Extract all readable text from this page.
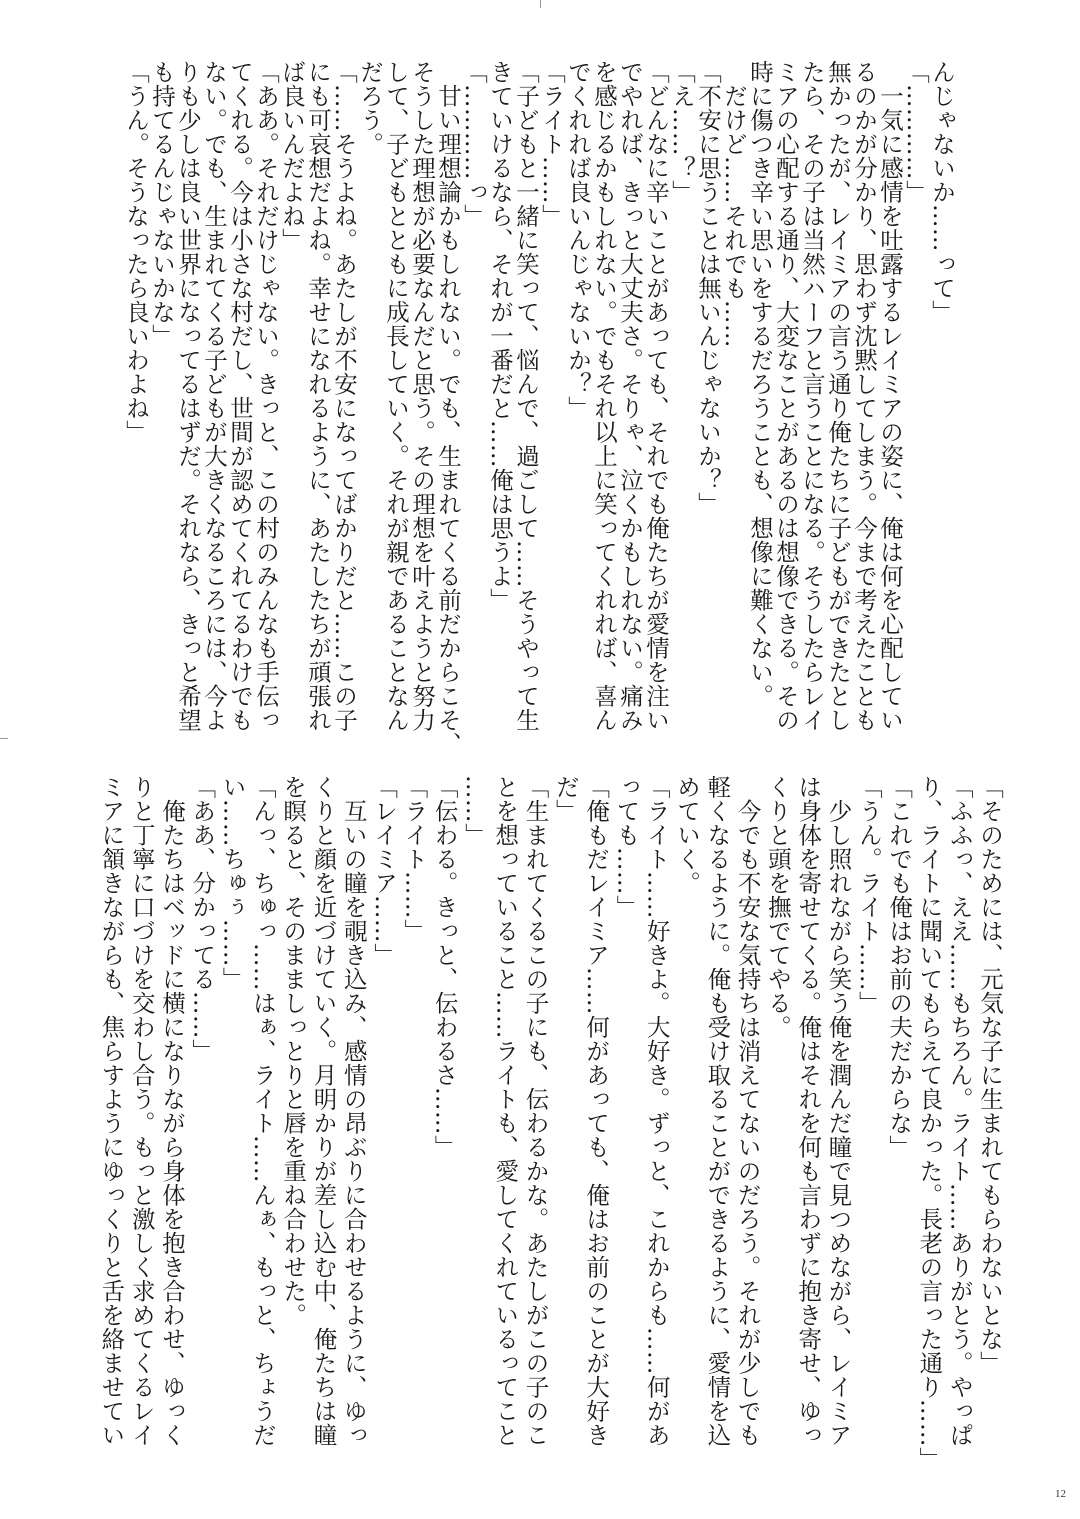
んじゃないか……って」
「…………」
　一気に感情を吐露するレイミアの姿に、俺は何を心配してい
るのかが分かり、思わず沈黙してしまう。今まで考えたことも
無かったが、レイミアの言う通り俺たちに子どもができたとし
たら、その子は当然ハーフと言うことになる。そうしたらレイ
ミアの心配する通り、大変なことがあるのは想像できる。その
時に傷つき辛い思いをするだろうことも、想像に難くない。
　だけど……それでも……
「不安に思うことは無いんじゃないか？」
「え……？」
「どんなに辛いことがあっても、それでも俺たちが愛情を注い
でやれば、きっと大丈夫さ。そりゃ、泣くかもしれない。痛み
を感じるかもしれない。でもそれ以上に笑ってくれれば、喜ん
でくれれば良いんじゃないか？」
「ライト……」
「子どもと一緒に笑って、悩んで、過ごして……そうやって生
きていけるなら、それが一番だと……俺は思うよ」
「…………っ」
　甘い理想論かもしれない。でも、生まれてくる前だからこそ、
そうした理想が必要なんだと思う。その理想を叶えようと努力
して、子どもとともに成長していく。それが親であることなん
だろう。
「……そうよね。あたしが不安になってばかりだと……この子
にも可哀想だよね。幸せになれるように、あたしたちが頑張れ
ば良いんだよね」
「ああ。それだけじゃない。きっと、この村のみんなも手伝っ
てくれる。今は小さな村だし、世間が認めてくれてるわけでも
ない。でも、生まれてくる子どもが大きくなるころには、今よ
りも少しは良い世界になってるはずだ。それなら、きっと希望
も持てるんじゃないかな」
「うん。そうなったら良いわよね」
「そのためには、元気な子に生まれてもらわないとな」
「ふふっ、ええ……もちろん。ライト……ありがとう。やっぱ
り、ライトに聞いてもらえて良かった。長老の言った通り……」
「これでも俺はお前の夫だからな」
「うん。ライト……」
　少し照れながら笑う俺を潤んだ瞳で見つめながら、レイミア
は身体を寄せてくる。俺はそれを何も言わずに抱き寄せ、ゆっ
くりと頭を撫でてやる。
　今でも不安な気持ちは消えてないのだろう。それが少しでも
軽くなるように。俺も受け取ることができるように、愛情を込
めていく。
「ライト……好きよ。大好き。ずっと、これからも……何があ
っても……」
「俺もだレイミア……何があっても、俺はお前のことが大好き
だ」
「生まれてくるこの子にも、伝わるかな。あたしがこの子のこ
とを想っていること……ライトも、愛してくれているってこと
……」
「伝わる。きっと、伝わるさ……」
「ライト……」
「レイミア……」
　互いの瞳を覗き込み、感情の昂ぶりに合わせるように、ゆっ
くりと顔を近づけていく。月明かりが差し込む中、俺たちは瞳
を瞑ると、そのまましっとりと唇を重ね合わせた。
「んっ、ちゅっ……はぁ、ライト……んぁ、もっと、ちょうだ
い……ちゅぅ……」
「ああ、分かってる……」
　俺たちはベッドに横になりながら身体を抱き合わせ、ゆっく
りと丁寧に口づけを交わし合う。もっと激しく求めてくるレイ
ミアに頷きながらも、焦らすようにゆっくりと舌を絡ませてい
12
